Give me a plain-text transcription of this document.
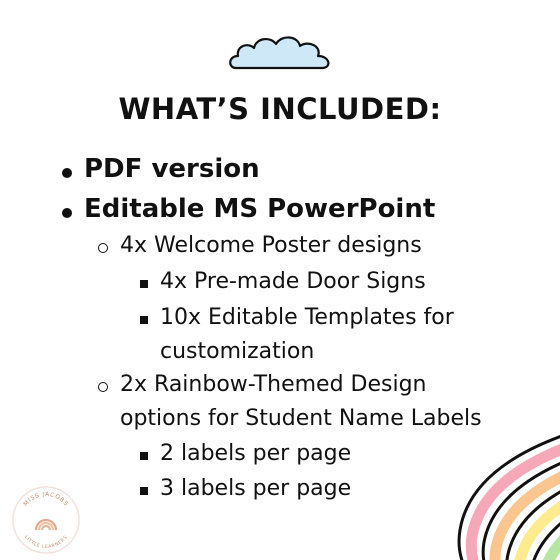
WHAT’S INCLUDED:
PDF version
Editable MS PowerPoint
4x Welcome Poster designs
4x Pre-made Door Signs
10x Editable Templates for
customization
2x Rainbow-Themed Design
options for Student Name Labels
2 labels per page
3 labels per page
MISS JACOBS
LITTLE LEARNERS
